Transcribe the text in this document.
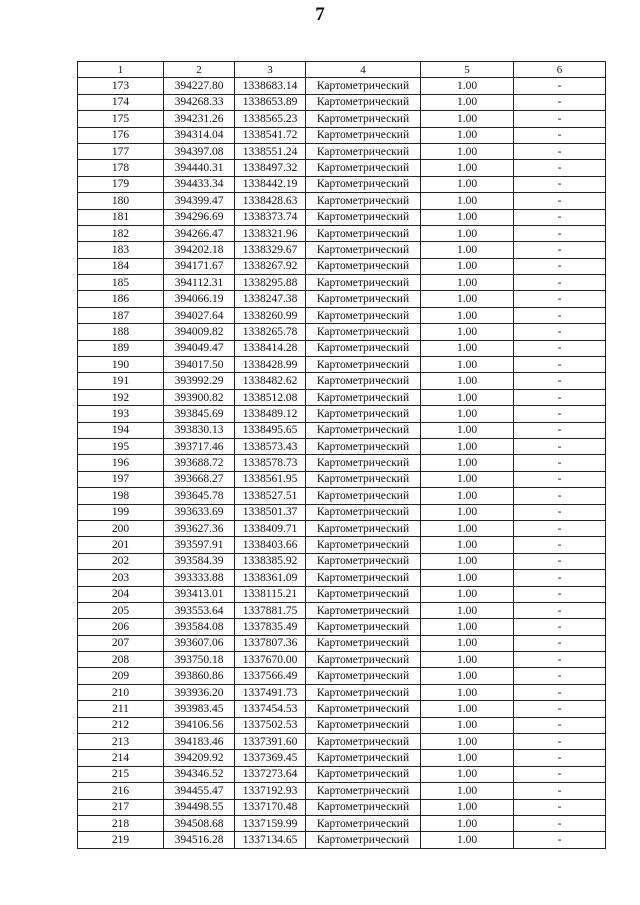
7
1	2	3	4	5	6
173	394227.80	1338683.14	Картометрический	1.00	-
174	394268.33	1338653.89	Картометрический	1.00	-
175	394231.26	1338565.23	Картометрический	1.00	-
176	394314.04	1338541.72	Картометрический	1.00	-
177	394397.08	1338551.24	Картометрический	1.00	-
178	394440.31	1338497.32	Картометрический	1.00	-
179	394433.34	1338442.19	Картометрический	1.00	-
180	394399.47	1338428.63	Картометрический	1.00	-
181	394296.69	1338373.74	Картометрический	1.00	-
182	394266.47	1338321.96	Картометрический	1.00	-
183	394202.18	1338329.67	Картометрический	1.00	-
184	394171.67	1338267.92	Картометрический	1.00	-
185	394112.31	1338295.88	Картометрический	1.00	-
186	394066.19	1338247.38	Картометрический	1.00	-
187	394027.64	1338260.99	Картометрический	1.00	-
188	394009.82	1338265.78	Картометрический	1.00	-
189	394049.47	1338414.28	Картометрический	1.00	-
190	394017.50	1338428.99	Картометрический	1.00	-
191	393992.29	1338482.62	Картометрический	1.00	-
192	393900.82	1338512.08	Картометрический	1.00	-
193	393845.69	1338489.12	Картометрический	1.00	-
194	393830.13	1338495.65	Картометрический	1.00	-
195	393717.46	1338573.43	Картометрический	1.00	-
196	393688.72	1338578.73	Картометрический	1.00	-
197	393668.27	1338561.95	Картометрический	1.00	-
198	393645.78	1338527.51	Картометрический	1.00	-
199	393633.69	1338501.37	Картометрический	1.00	-
200	393627.36	1338409.71	Картометрический	1.00	-
201	393597.91	1338403.66	Картометрический	1.00	-
202	393584.39	1338385.92	Картометрический	1.00	-
203	393333.88	1338361.09	Картометрический	1.00	-
204	393413.01	1338115.21	Картометрический	1.00	-
205	393553.64	1337881.75	Картометрический	1.00	-
206	393584.08	1337835.49	Картометрический	1.00	-
207	393607.06	1337807.36	Картометрический	1.00	-
208	393750.18	1337670.00	Картометрический	1.00	-
209	393860.86	1337566.49	Картометрический	1.00	-
210	393936.20	1337491.73	Картометрический	1.00	-
211	393983.45	1337454.53	Картометрический	1.00	-
212	394106.56	1337502.53	Картометрический	1.00	-
213	394183.46	1337391.60	Картометрический	1.00	-
214	394209.92	1337369.45	Картометрический	1.00	-
215	394346.52	1337273.64	Картометрический	1.00	-
216	394455.47	1337192.93	Картометрический	1.00	-
217	394498.55	1337170.48	Картометрический	1.00	-
218	394508.68	1337159.99	Картометрический	1.00	-
219	394516.28	1337134.65	Картометрический	1.00	-
